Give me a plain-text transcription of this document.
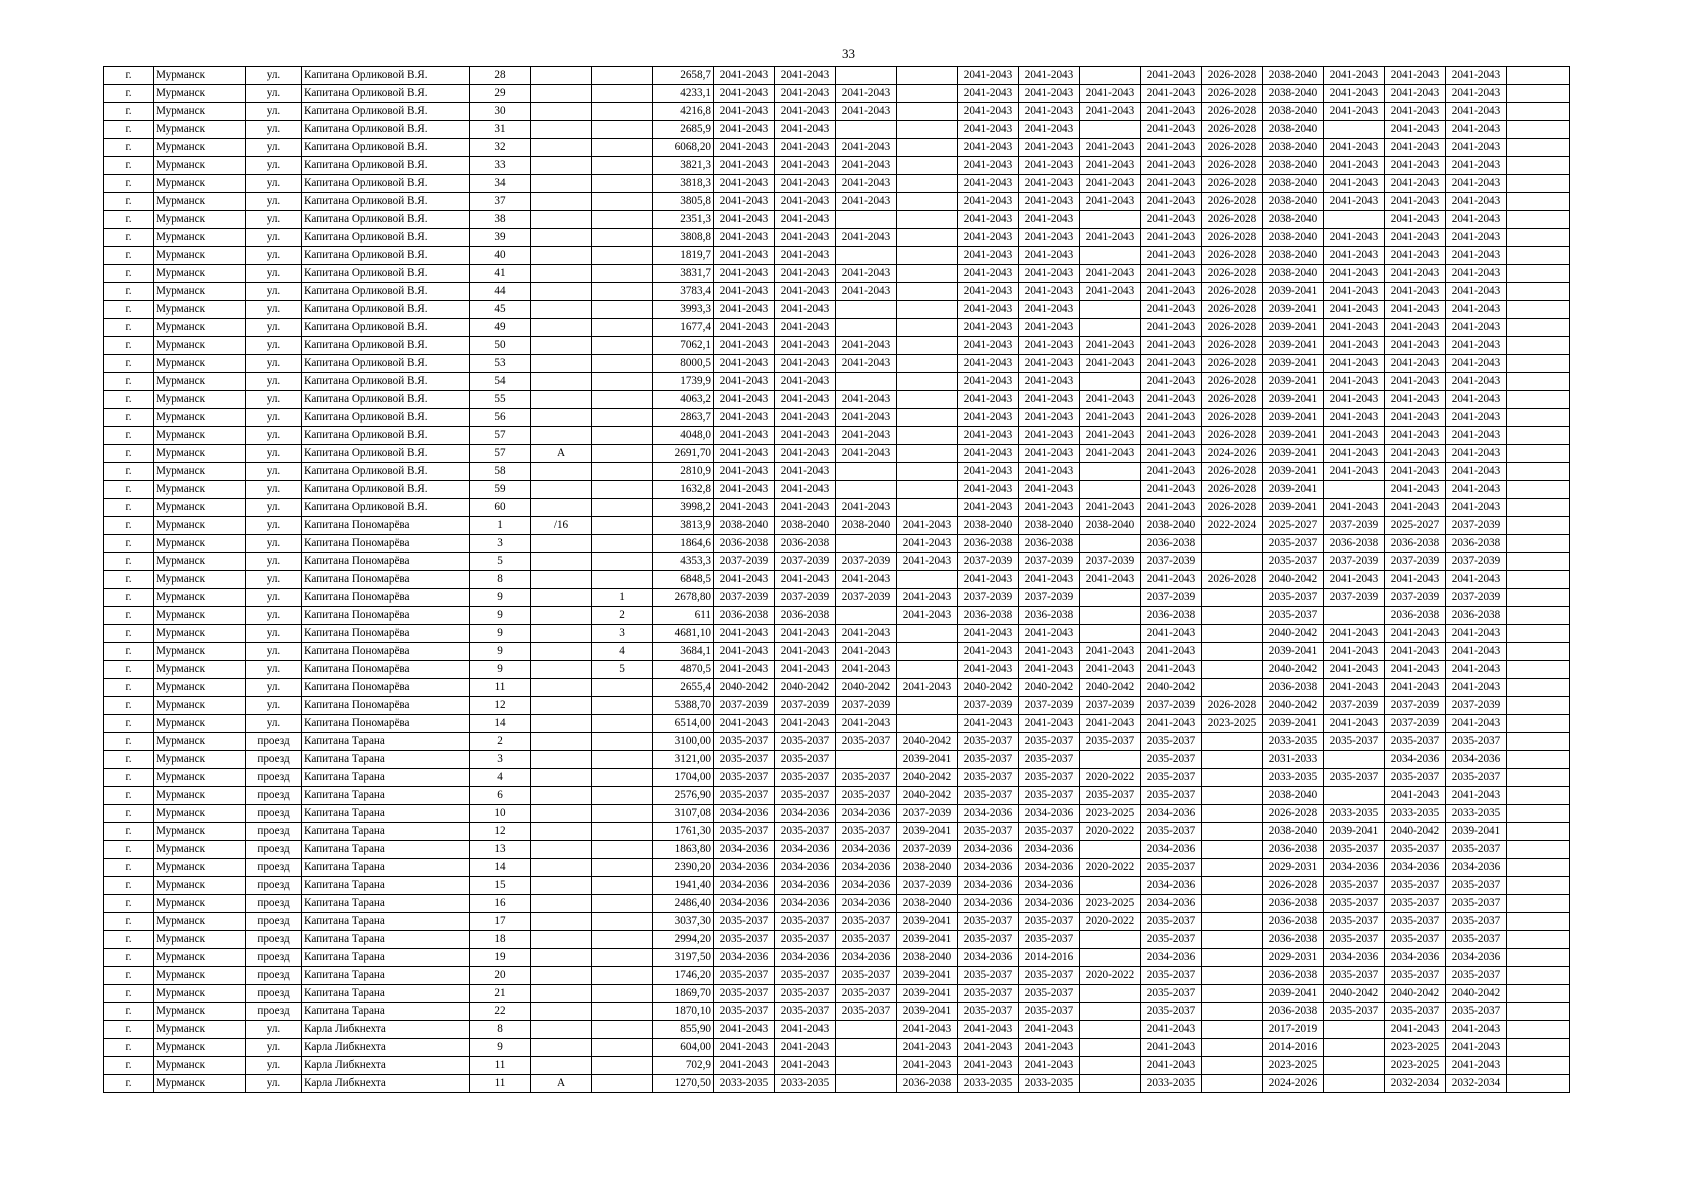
33
г.	Мурманск	ул.	Капитана Орликовой В.Я.	28			2658,7	2041-2043	2041-2043			2041-2043	2041-2043		2041-2043	2026-2028	2038-2040	2041-2043	2041-2043	2041-2043	
г.	Мурманск	ул.	Капитана Орликовой В.Я.	29			4233,1	2041-2043	2041-2043	2041-2043		2041-2043	2041-2043	2041-2043	2041-2043	2026-2028	2038-2040	2041-2043	2041-2043	2041-2043	
г.	Мурманск	ул.	Капитана Орликовой В.Я.	30			4216,8	2041-2043	2041-2043	2041-2043		2041-2043	2041-2043	2041-2043	2041-2043	2026-2028	2038-2040	2041-2043	2041-2043	2041-2043	
г.	Мурманск	ул.	Капитана Орликовой В.Я.	31			2685,9	2041-2043	2041-2043			2041-2043	2041-2043		2041-2043	2026-2028	2038-2040		2041-2043	2041-2043	
г.	Мурманск	ул.	Капитана Орликовой В.Я.	32			6068,20	2041-2043	2041-2043	2041-2043		2041-2043	2041-2043	2041-2043	2041-2043	2026-2028	2038-2040	2041-2043	2041-2043	2041-2043	
г.	Мурманск	ул.	Капитана Орликовой В.Я.	33			3821,3	2041-2043	2041-2043	2041-2043		2041-2043	2041-2043	2041-2043	2041-2043	2026-2028	2038-2040	2041-2043	2041-2043	2041-2043	
г.	Мурманск	ул.	Капитана Орликовой В.Я.	34			3818,3	2041-2043	2041-2043	2041-2043		2041-2043	2041-2043	2041-2043	2041-2043	2026-2028	2038-2040	2041-2043	2041-2043	2041-2043	
г.	Мурманск	ул.	Капитана Орликовой В.Я.	37			3805,8	2041-2043	2041-2043	2041-2043		2041-2043	2041-2043	2041-2043	2041-2043	2026-2028	2038-2040	2041-2043	2041-2043	2041-2043	
г.	Мурманск	ул.	Капитана Орликовой В.Я.	38			2351,3	2041-2043	2041-2043			2041-2043	2041-2043		2041-2043	2026-2028	2038-2040		2041-2043	2041-2043	
г.	Мурманск	ул.	Капитана Орликовой В.Я.	39			3808,8	2041-2043	2041-2043	2041-2043		2041-2043	2041-2043	2041-2043	2041-2043	2026-2028	2038-2040	2041-2043	2041-2043	2041-2043	
г.	Мурманск	ул.	Капитана Орликовой В.Я.	40			1819,7	2041-2043	2041-2043			2041-2043	2041-2043		2041-2043	2026-2028	2038-2040	2041-2043	2041-2043	2041-2043	
г.	Мурманск	ул.	Капитана Орликовой В.Я.	41			3831,7	2041-2043	2041-2043	2041-2043		2041-2043	2041-2043	2041-2043	2041-2043	2026-2028	2038-2040	2041-2043	2041-2043	2041-2043	
г.	Мурманск	ул.	Капитана Орликовой В.Я.	44			3783,4	2041-2043	2041-2043	2041-2043		2041-2043	2041-2043	2041-2043	2041-2043	2026-2028	2039-2041	2041-2043	2041-2043	2041-2043	
г.	Мурманск	ул.	Капитана Орликовой В.Я.	45			3993,3	2041-2043	2041-2043			2041-2043	2041-2043		2041-2043	2026-2028	2039-2041	2041-2043	2041-2043	2041-2043	
г.	Мурманск	ул.	Капитана Орликовой В.Я.	49			1677,4	2041-2043	2041-2043			2041-2043	2041-2043		2041-2043	2026-2028	2039-2041	2041-2043	2041-2043	2041-2043	
г.	Мурманск	ул.	Капитана Орликовой В.Я.	50			7062,1	2041-2043	2041-2043	2041-2043		2041-2043	2041-2043	2041-2043	2041-2043	2026-2028	2039-2041	2041-2043	2041-2043	2041-2043	
г.	Мурманск	ул.	Капитана Орликовой В.Я.	53			8000,5	2041-2043	2041-2043	2041-2043		2041-2043	2041-2043	2041-2043	2041-2043	2026-2028	2039-2041	2041-2043	2041-2043	2041-2043	
г.	Мурманск	ул.	Капитана Орликовой В.Я.	54			1739,9	2041-2043	2041-2043			2041-2043	2041-2043		2041-2043	2026-2028	2039-2041	2041-2043	2041-2043	2041-2043	
г.	Мурманск	ул.	Капитана Орликовой В.Я.	55			4063,2	2041-2043	2041-2043	2041-2043		2041-2043	2041-2043	2041-2043	2041-2043	2026-2028	2039-2041	2041-2043	2041-2043	2041-2043	
г.	Мурманск	ул.	Капитана Орликовой В.Я.	56			2863,7	2041-2043	2041-2043	2041-2043		2041-2043	2041-2043	2041-2043	2041-2043	2026-2028	2039-2041	2041-2043	2041-2043	2041-2043	
г.	Мурманск	ул.	Капитана Орликовой В.Я.	57			4048,0	2041-2043	2041-2043	2041-2043		2041-2043	2041-2043	2041-2043	2041-2043	2026-2028	2039-2041	2041-2043	2041-2043	2041-2043	
г.	Мурманск	ул.	Капитана Орликовой В.Я.	57	А		2691,70	2041-2043	2041-2043	2041-2043		2041-2043	2041-2043	2041-2043	2041-2043	2024-2026	2039-2041	2041-2043	2041-2043	2041-2043	
г.	Мурманск	ул.	Капитана Орликовой В.Я.	58			2810,9	2041-2043	2041-2043			2041-2043	2041-2043		2041-2043	2026-2028	2039-2041	2041-2043	2041-2043	2041-2043	
г.	Мурманск	ул.	Капитана Орликовой В.Я.	59			1632,8	2041-2043	2041-2043			2041-2043	2041-2043		2041-2043	2026-2028	2039-2041		2041-2043	2041-2043	
г.	Мурманск	ул.	Капитана Орликовой В.Я.	60			3998,2	2041-2043	2041-2043	2041-2043		2041-2043	2041-2043	2041-2043	2041-2043	2026-2028	2039-2041	2041-2043	2041-2043	2041-2043	
г.	Мурманск	ул.	Капитана Пономарёва	1	/16		3813,9	2038-2040	2038-2040	2038-2040	2041-2043	2038-2040	2038-2040	2038-2040	2038-2040	2022-2024	2025-2027	2037-2039	2025-2027	2037-2039	
г.	Мурманск	ул.	Капитана Пономарёва	3			1864,6	2036-2038	2036-2038		2041-2043	2036-2038	2036-2038		2036-2038		2035-2037	2036-2038	2036-2038	2036-2038	
г.	Мурманск	ул.	Капитана Пономарёва	5			4353,3	2037-2039	2037-2039	2037-2039	2041-2043	2037-2039	2037-2039	2037-2039	2037-2039		2035-2037	2037-2039	2037-2039	2037-2039	
г.	Мурманск	ул.	Капитана Пономарёва	8			6848,5	2041-2043	2041-2043	2041-2043		2041-2043	2041-2043	2041-2043	2041-2043	2026-2028	2040-2042	2041-2043	2041-2043	2041-2043	
г.	Мурманск	ул.	Капитана Пономарёва	9		1	2678,80	2037-2039	2037-2039	2037-2039	2041-2043	2037-2039	2037-2039		2037-2039		2035-2037	2037-2039	2037-2039	2037-2039	
г.	Мурманск	ул.	Капитана Пономарёва	9		2	611	2036-2038	2036-2038		2041-2043	2036-2038	2036-2038		2036-2038		2035-2037		2036-2038	2036-2038	
г.	Мурманск	ул.	Капитана Пономарёва	9		3	4681,10	2041-2043	2041-2043	2041-2043		2041-2043	2041-2043		2041-2043		2040-2042	2041-2043	2041-2043	2041-2043	
г.	Мурманск	ул.	Капитана Пономарёва	9		4	3684,1	2041-2043	2041-2043	2041-2043		2041-2043	2041-2043	2041-2043	2041-2043		2039-2041	2041-2043	2041-2043	2041-2043	
г.	Мурманск	ул.	Капитана Пономарёва	9		5	4870,5	2041-2043	2041-2043	2041-2043		2041-2043	2041-2043	2041-2043	2041-2043		2040-2042	2041-2043	2041-2043	2041-2043	
г.	Мурманск	ул.	Капитана Пономарёва	11			2655,4	2040-2042	2040-2042	2040-2042	2041-2043	2040-2042	2040-2042	2040-2042	2040-2042		2036-2038	2041-2043	2041-2043	2041-2043	
г.	Мурманск	ул.	Капитана Пономарёва	12			5388,70	2037-2039	2037-2039	2037-2039		2037-2039	2037-2039	2037-2039	2037-2039	2026-2028	2040-2042	2037-2039	2037-2039	2037-2039	
г.	Мурманск	ул.	Капитана Пономарёва	14			6514,00	2041-2043	2041-2043	2041-2043		2041-2043	2041-2043	2041-2043	2041-2043	2023-2025	2039-2041	2041-2043	2037-2039	2041-2043	
г.	Мурманск	проезд	Капитана Тарана	2			3100,00	2035-2037	2035-2037	2035-2037	2040-2042	2035-2037	2035-2037	2035-2037	2035-2037		2033-2035	2035-2037	2035-2037	2035-2037	
г.	Мурманск	проезд	Капитана Тарана	3			3121,00	2035-2037	2035-2037		2039-2041	2035-2037	2035-2037		2035-2037		2031-2033		2034-2036	2034-2036	
г.	Мурманск	проезд	Капитана Тарана	4			1704,00	2035-2037	2035-2037	2035-2037	2040-2042	2035-2037	2035-2037	2020-2022	2035-2037		2033-2035	2035-2037	2035-2037	2035-2037	
г.	Мурманск	проезд	Капитана Тарана	6			2576,90	2035-2037	2035-2037	2035-2037	2040-2042	2035-2037	2035-2037	2035-2037	2035-2037		2038-2040		2041-2043	2041-2043	
г.	Мурманск	проезд	Капитана Тарана	10			3107,08	2034-2036	2034-2036	2034-2036	2037-2039	2034-2036	2034-2036	2023-2025	2034-2036		2026-2028	2033-2035	2033-2035	2033-2035	
г.	Мурманск	проезд	Капитана Тарана	12			1761,30	2035-2037	2035-2037	2035-2037	2039-2041	2035-2037	2035-2037	2020-2022	2035-2037		2038-2040	2039-2041	2040-2042	2039-2041	
г.	Мурманск	проезд	Капитана Тарана	13			1863,80	2034-2036	2034-2036	2034-2036	2037-2039	2034-2036	2034-2036		2034-2036		2036-2038	2035-2037	2035-2037	2035-2037	
г.	Мурманск	проезд	Капитана Тарана	14			2390,20	2034-2036	2034-2036	2034-2036	2038-2040	2034-2036	2034-2036	2020-2022	2035-2037		2029-2031	2034-2036	2034-2036	2034-2036	
г.	Мурманск	проезд	Капитана Тарана	15			1941,40	2034-2036	2034-2036	2034-2036	2037-2039	2034-2036	2034-2036		2034-2036		2026-2028	2035-2037	2035-2037	2035-2037	
г.	Мурманск	проезд	Капитана Тарана	16			2486,40	2034-2036	2034-2036	2034-2036	2038-2040	2034-2036	2034-2036	2023-2025	2034-2036		2036-2038	2035-2037	2035-2037	2035-2037	
г.	Мурманск	проезд	Капитана Тарана	17			3037,30	2035-2037	2035-2037	2035-2037	2039-2041	2035-2037	2035-2037	2020-2022	2035-2037		2036-2038	2035-2037	2035-2037	2035-2037	
г.	Мурманск	проезд	Капитана Тарана	18			2994,20	2035-2037	2035-2037	2035-2037	2039-2041	2035-2037	2035-2037		2035-2037		2036-2038	2035-2037	2035-2037	2035-2037	
г.	Мурманск	проезд	Капитана Тарана	19			3197,50	2034-2036	2034-2036	2034-2036	2038-2040	2034-2036	2014-2016		2034-2036		2029-2031	2034-2036	2034-2036	2034-2036	
г.	Мурманск	проезд	Капитана Тарана	20			1746,20	2035-2037	2035-2037	2035-2037	2039-2041	2035-2037	2035-2037	2020-2022	2035-2037		2036-2038	2035-2037	2035-2037	2035-2037	
г.	Мурманск	проезд	Капитана Тарана	21			1869,70	2035-2037	2035-2037	2035-2037	2039-2041	2035-2037	2035-2037		2035-2037		2039-2041	2040-2042	2040-2042	2040-2042	
г.	Мурманск	проезд	Капитана Тарана	22			1870,10	2035-2037	2035-2037	2035-2037	2039-2041	2035-2037	2035-2037		2035-2037		2036-2038	2035-2037	2035-2037	2035-2037	
г.	Мурманск	ул.	Карла Либкнехта	8			855,90	2041-2043	2041-2043		2041-2043	2041-2043	2041-2043		2041-2043		2017-2019		2041-2043	2041-2043	
г.	Мурманск	ул.	Карла Либкнехта	9			604,00	2041-2043	2041-2043		2041-2043	2041-2043	2041-2043		2041-2043		2014-2016		2023-2025	2041-2043	
г.	Мурманск	ул.	Карла Либкнехта	11			702,9	2041-2043	2041-2043		2041-2043	2041-2043	2041-2043		2041-2043		2023-2025		2023-2025	2041-2043	
г.	Мурманск	ул.	Карла Либкнехта	11	А		1270,50	2033-2035	2033-2035		2036-2038	2033-2035	2033-2035		2033-2035		2024-2026		2032-2034	2032-2034	
